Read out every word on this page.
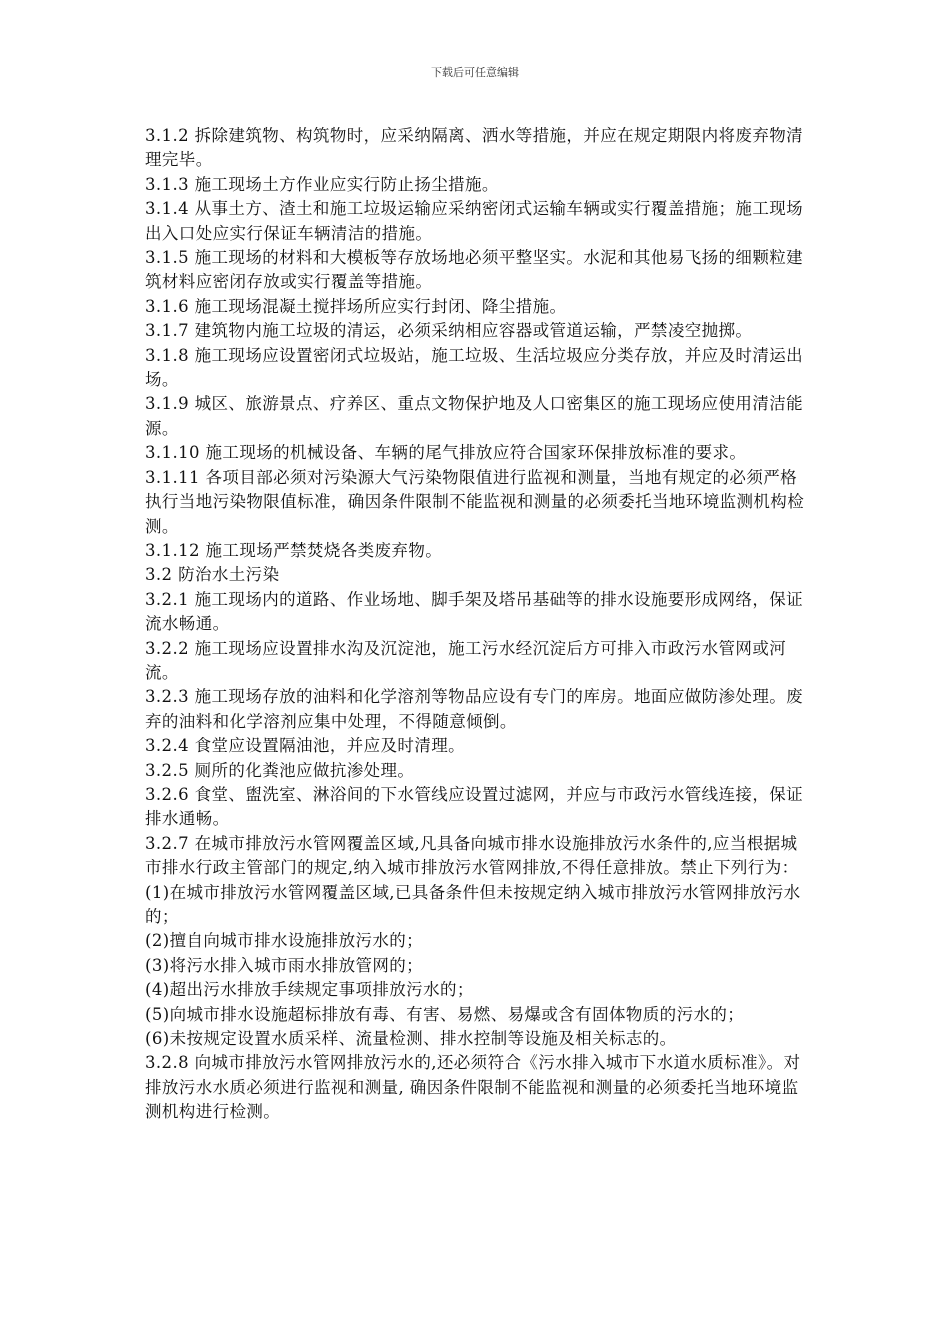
下载后可任意编辑

3.1.2 拆除建筑物、构筑物时，应采纳隔离、洒水等措施，并应在规定期限内将废弃物清理完毕。

3.1.3 施工现场土方作业应实行防止扬尘措施。

3.1.4 从事土方、渣土和施工垃圾运输应采纳密闭式运输车辆或实行覆盖措施；施工现场出入口处应实行保证车辆清洁的措施。

3.1.5 施工现场的材料和大模板等存放场地必须平整坚实。水泥和其他易飞扬的细颗粒建筑材料应密闭存放或实行覆盖等措施。

3.1.6 施工现场混凝土搅拌场所应实行封闭、降尘措施。

3.1.7 建筑物内施工垃圾的清运，必须采纳相应容器或管道运输，严禁凌空抛掷。

3.1.8 施工现场应设置密闭式垃圾站，施工垃圾、生活垃圾应分类存放，并应及时清运出场。

3.1.9 城区、旅游景点、疗养区、重点文物保护地及人口密集区的施工现场应使用清洁能源。

3.1.10 施工现场的机械设备、车辆的尾气排放应符合国家环保排放标准的要求。

3.1.11 各项目部必须对污染源大气污染物限值进行监视和测量，当地有规定的必须严格执行当地污染物限值标准，确因条件限制不能监视和测量的必须委托当地环境监测机构检测。

3.1.12 施工现场严禁焚烧各类废弃物。

3.2 防治水土污染

3.2.1 施工现场内的道路、作业场地、脚手架及塔吊基础等的排水设施要形成网络，保证流水畅通。

3.2.2 施工现场应设置排水沟及沉淀池，施工污水经沉淀后方可排入市政污水管网或河流。

3.2.3 施工现场存放的油料和化学溶剂等物品应设有专门的库房。地面应做防渗处理。废弃的油料和化学溶剂应集中处理，不得随意倾倒。

3.2.4 食堂应设置隔油池，并应及时清理。

3.2.5 厕所的化粪池应做抗渗处理。

3.2.6 食堂、盥洗室、淋浴间的下水管线应设置过滤网，并应与市政污水管线连接，保证排水通畅。

3.2.7 在城市排放污水管网覆盖区域,凡具备向城市排水设施排放污水条件的,应当根据城市排水行政主管部门的规定,纳入城市排放污水管网排放,不得任意排放。禁止下列行为：

(1)在城市排放污水管网覆盖区域,已具备条件但未按规定纳入城市排放污水管网排放污水的；

(2)擅自向城市排水设施排放污水的；

(3)将污水排入城市雨水排放管网的；

(4)超出污水排放手续规定事项排放污水的；

(5)向城市排水设施超标排放有毒、有害、易燃、易爆或含有固体物质的污水的；

(6)未按规定设置水质采样、流量检测、排水控制等设施及相关标志的。

3.2.8 向城市排放污水管网排放污水的,还必须符合《污水排入城市下水道水质标准》。对排放污水水质必须进行监视和测量, 确因条件限制不能监视和测量的必须委托当地环境监测机构进行检测。
